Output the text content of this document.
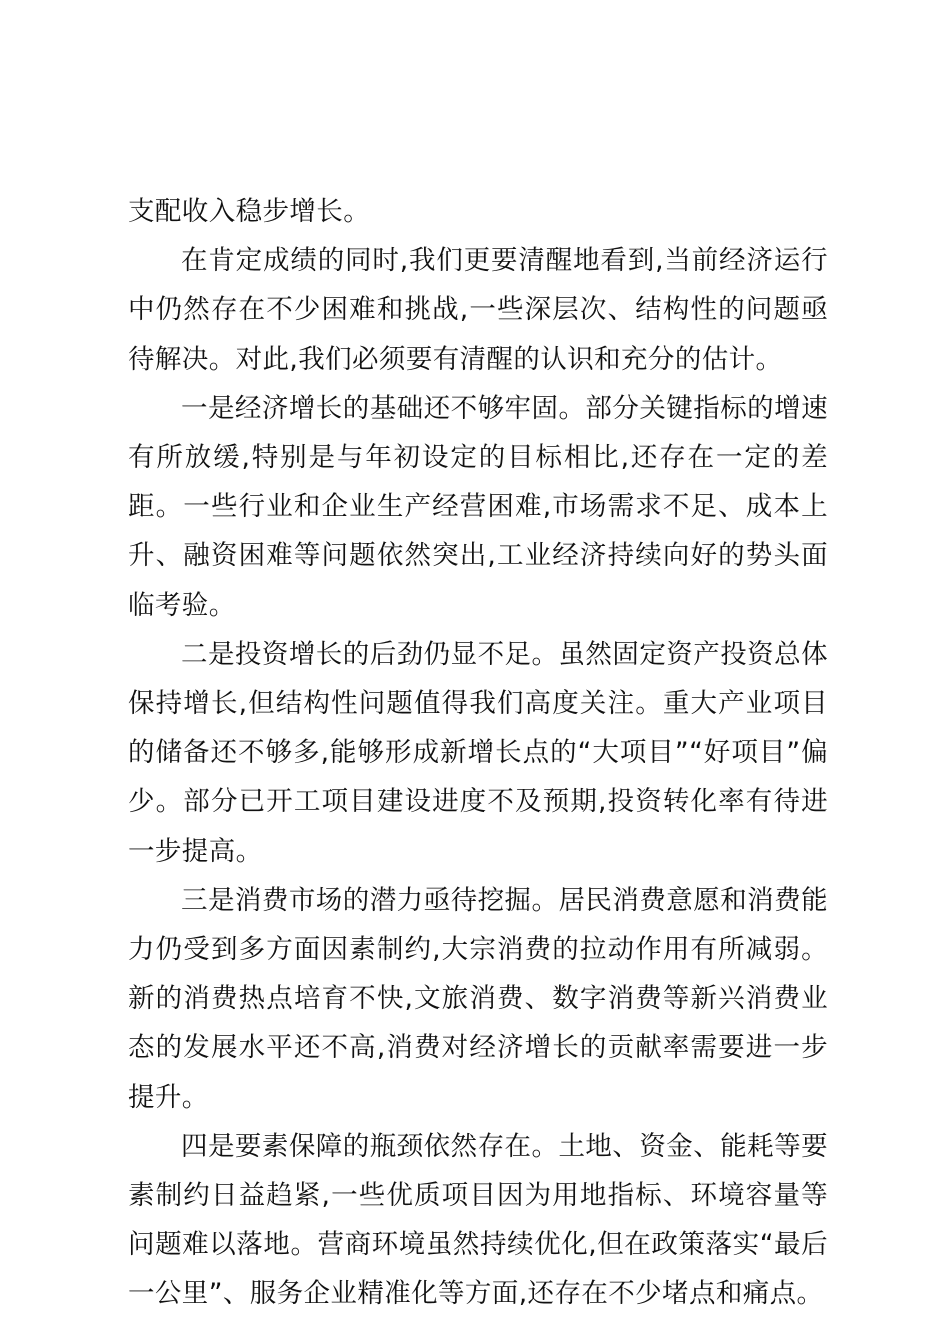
支配收入稳步增长。

在肯定成绩的同时,我们更要清醒地看到,当前经济运行中仍然存在不少困难和挑战,一些深层次、结构性的问题亟待解决。对此,我们必须要有清醒的认识和充分的估计。

一是经济增长的基础还不够牢固。部分关键指标的增速有所放缓,特别是与年初设定的目标相比,还存在一定的差距。一些行业和企业生产经营困难,市场需求不足、成本上升、融资困难等问题依然突出,工业经济持续向好的势头面临考验。

二是投资增长的后劲仍显不足。虽然固定资产投资总体保持增长,但结构性问题值得我们高度关注。重大产业项目的储备还不够多,能够形成新增长点的“大项目”“好项目”偏少。部分已开工项目建设进度不及预期,投资转化率有待进一步提高。

三是消费市场的潜力亟待挖掘。居民消费意愿和消费能力仍受到多方面因素制约,大宗消费的拉动作用有所减弱。新的消费热点培育不快,文旅消费、数字消费等新兴消费业态的发展水平还不高,消费对经济增长的贡献率需要进一步提升。

四是要素保障的瓶颈依然存在。土地、资金、能耗等要素制约日益趋紧,一些优质项目因为用地指标、环境容量等问题难以落地。营商环境虽然持续优化,但在政策落实“最后一公里”、服务企业精准化等方面,还存在不少堵点和痛点。
